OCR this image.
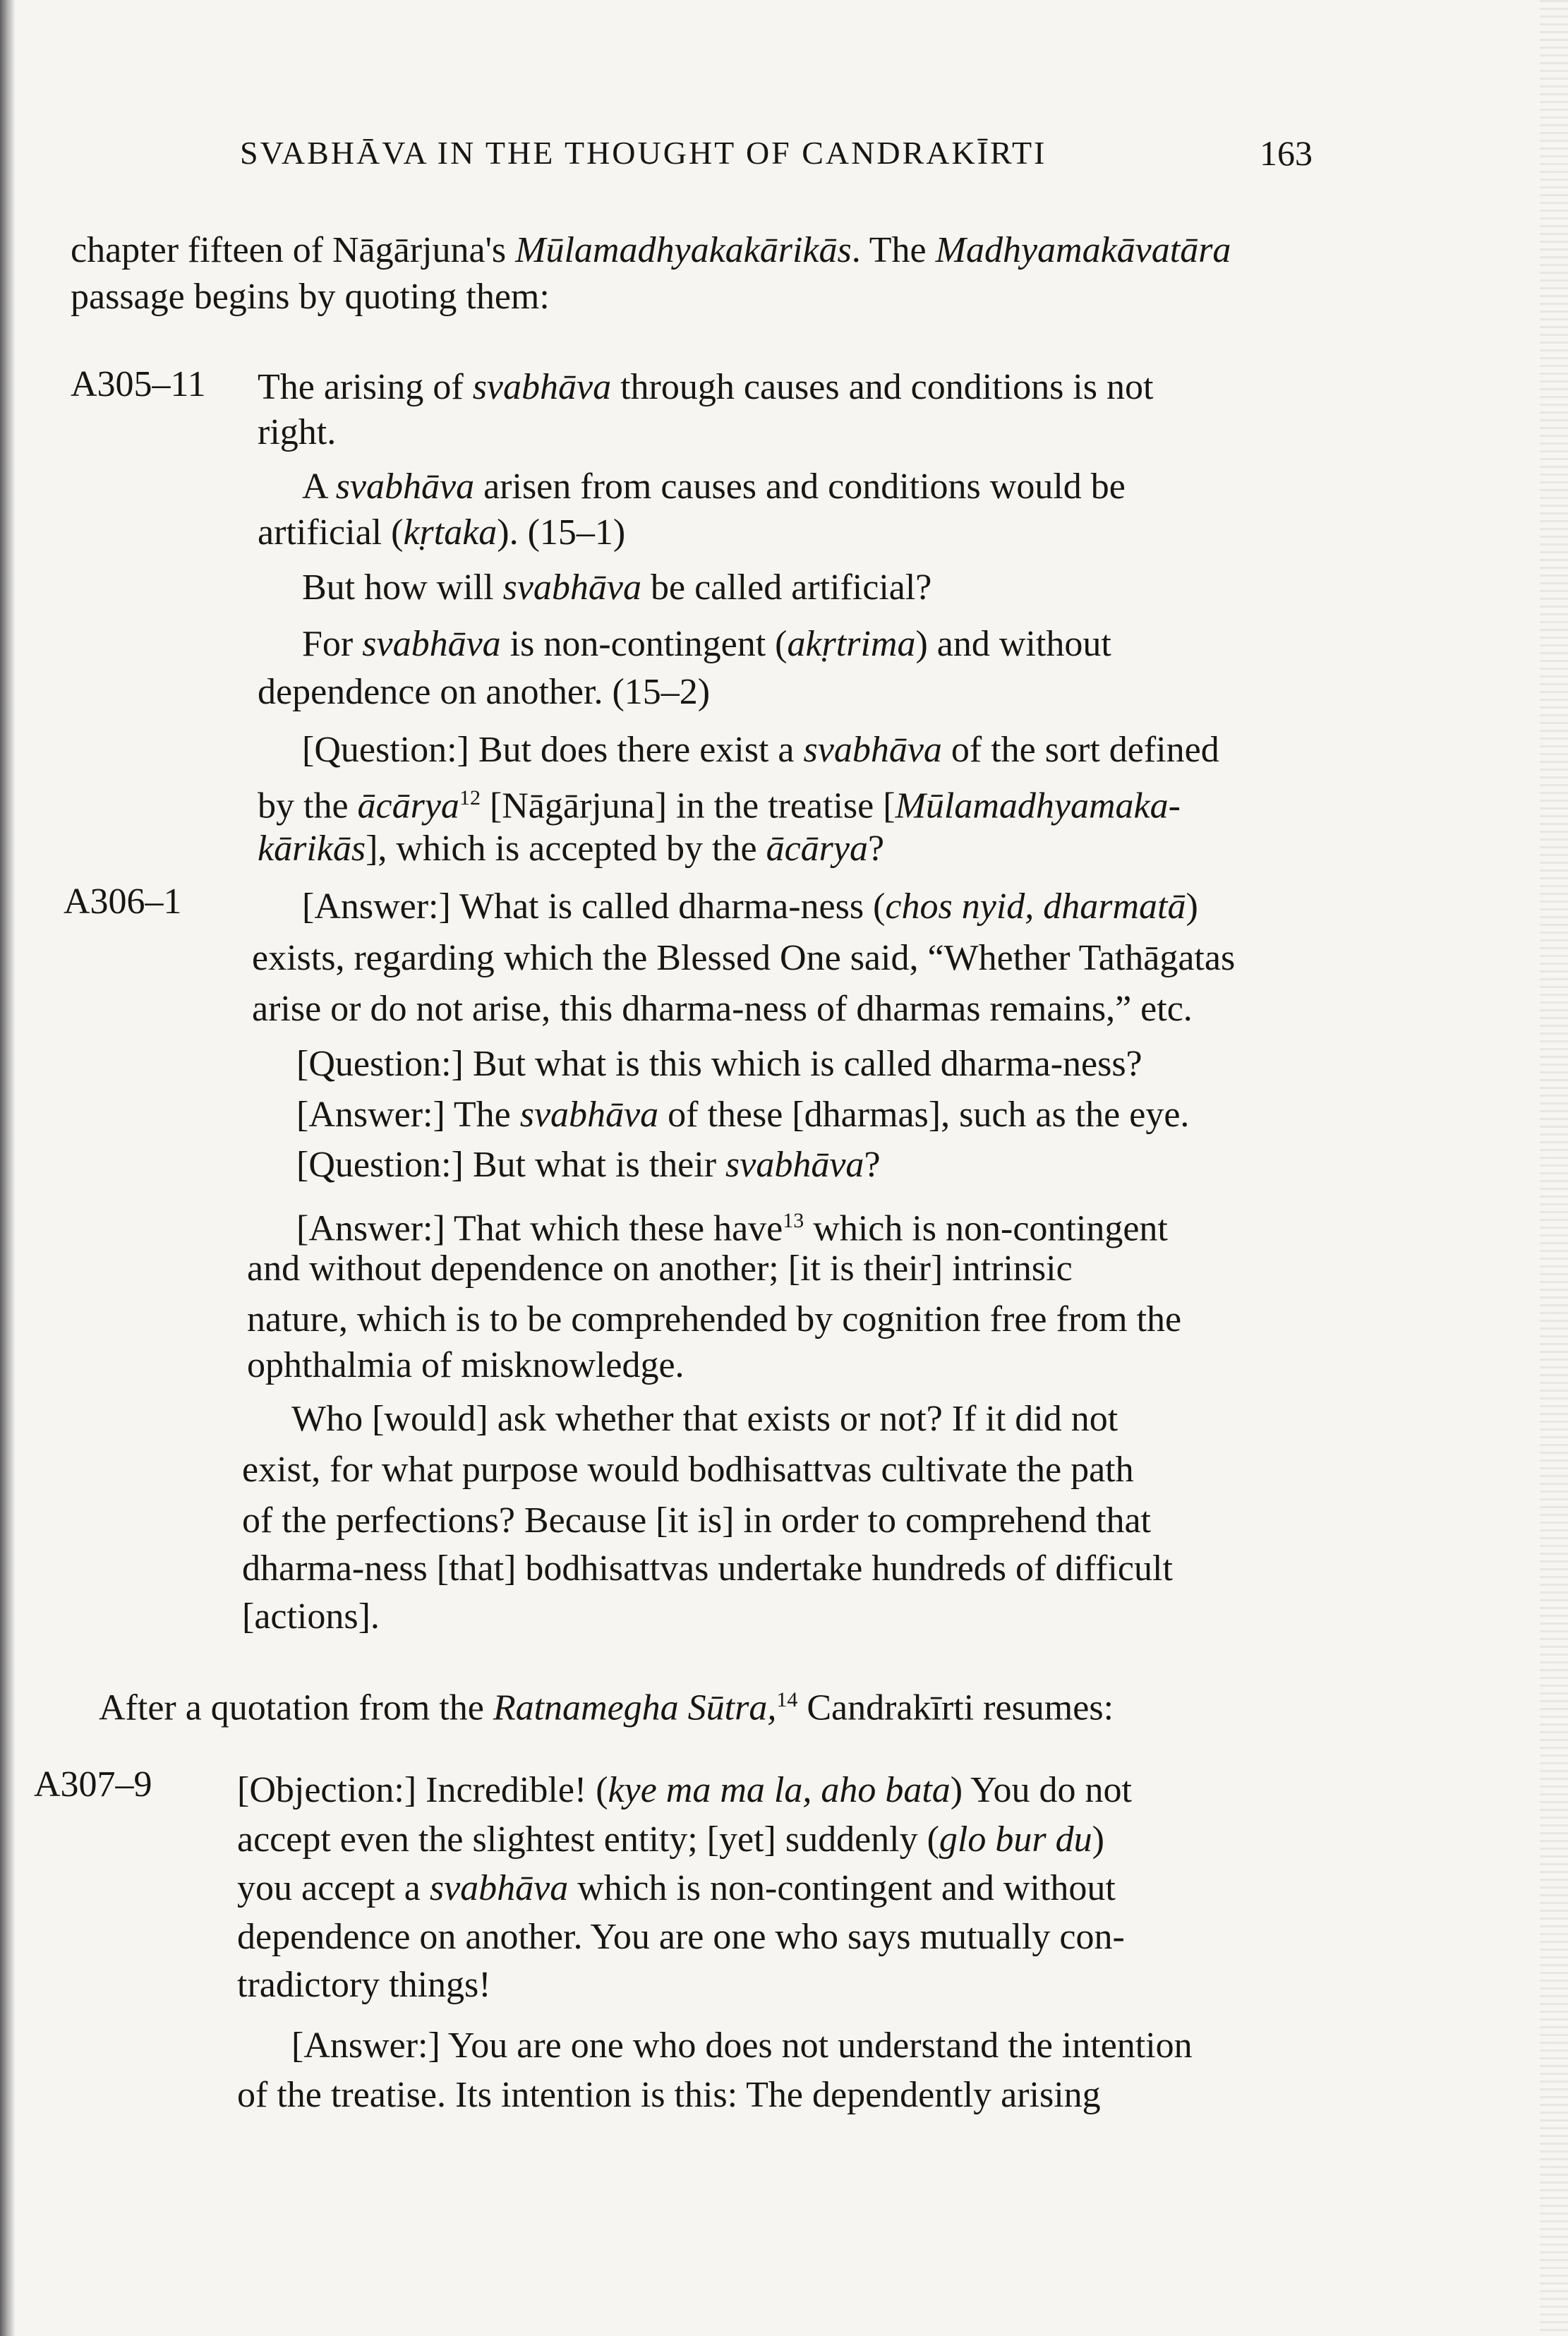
SVABHĀVA IN THE THOUGHT OF CANDRAKĪRTI	163
chapter fifteen of Nāgārjuna's Mūlamadhyakakārikās. The Madhyamakāvatāra
passage begins by quoting them:
A305–11 The arising of svabhāva through causes and conditions is not
right.
A svabhāva arisen from causes and conditions would be
artificial (kṛtaka). (15–1)
But how will svabhāva be called artificial?
For svabhāva is non-contingent (akṛtrima) and without
dependence on another. (15–2)
[Question:] But does there exist a svabhāva of the sort defined
by the ācārya$^{12}$ [Nāgārjuna] in the treatise [Mūlamadhyamaka-
kārikās], which is accepted by the ācārya?
A306–1	[Answer:] What is called dharma-ness (chos nyid, dharmatā)
exists, regarding which the Blessed One said, “Whether Tathāgatas
arise or do not arise, this dharma-ness of dharmas remains,” etc.
[Question:] But what is this which is called dharma-ness?
[Answer:] The svabhāva of these [dharmas], such as the eye.
[Question:] But what is their svabhāva?
[Answer:] That which these have$^{13}$ which is non-contingent
and without dependence on another; [it is their] intrinsic
nature, which is to be comprehended by cognition free from the
ophthalmia of misknowledge.
Who [would] ask whether that exists or not? If it did not
exist, for what purpose would bodhisattvas cultivate the path
of the perfections? Because [it is] in order to comprehend that
dharma-ness [that] bodhisattvas undertake hundreds of difficult
[actions].
After a quotation from the Ratnamegha Sūtra,$^{14}$ Candrakīrti resumes:
A307–9 [Objection:] Incredible! (kye ma ma la, aho bata) You do not
accept even the slightest entity; [yet] suddenly (glo bur du)
you accept a svabhāva which is non-contingent and without
dependence on another. You are one who says mutually con-
tradictory things!
[Answer:] You are one who does not understand the intention
of the treatise. Its intention is this: The dependently arising
